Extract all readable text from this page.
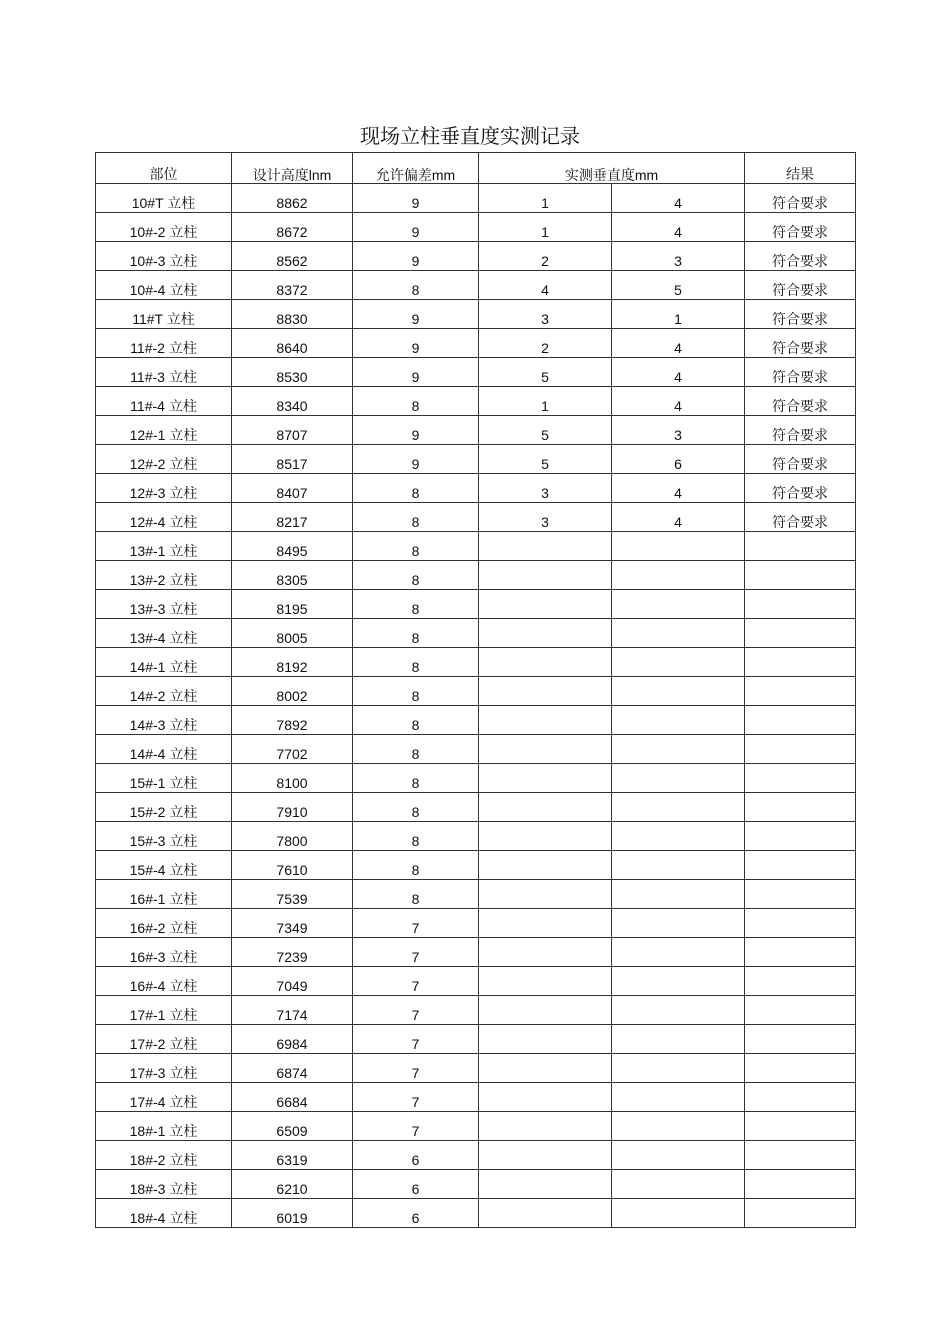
现场立柱垂直度实测记录
部位	设计高度lnm	允许偏差mm	实测垂直度mm		结果
10#T 立柱	8862	9	1	4	符合要求
10#-2 立柱	8672	9	1	4	符合要求
10#-3 立柱	8562	9	2	3	符合要求
10#-4 立柱	8372	8	4	5	符合要求
11#T 立柱	8830	9	3	1	符合要求
11#-2 立柱	8640	9	2	4	符合要求
11#-3 立柱	8530	9	5	4	符合要求
11#-4 立柱	8340	8	1	4	符合要求
12#-1 立柱	8707	9	5	3	符合要求
12#-2 立柱	8517	9	5	6	符合要求
12#-3 立柱	8407	8	3	4	符合要求
12#-4 立柱	8217	8	3	4	符合要求
13#-1 立柱	8495	8			
13#-2 立柱	8305	8			
13#-3 立柱	8195	8			
13#-4 立柱	8005	8			
14#-1 立柱	8192	8			
14#-2 立柱	8002	8			
14#-3 立柱	7892	8			
14#-4 立柱	7702	8			
15#-1 立柱	8100	8			
15#-2 立柱	7910	8			
15#-3 立柱	7800	8			
15#-4 立柱	7610	8			
16#-1 立柱	7539	8			
16#-2 立柱	7349	7			
16#-3 立柱	7239	7			
16#-4 立柱	7049	7			
17#-1 立柱	7174	7			
17#-2 立柱	6984	7			
17#-3 立柱	6874	7			
17#-4 立柱	6684	7			
18#-1 立柱	6509	7			
18#-2 立柱	6319	6			
18#-3 立柱	6210	6			
18#-4 立柱	6019	6			
